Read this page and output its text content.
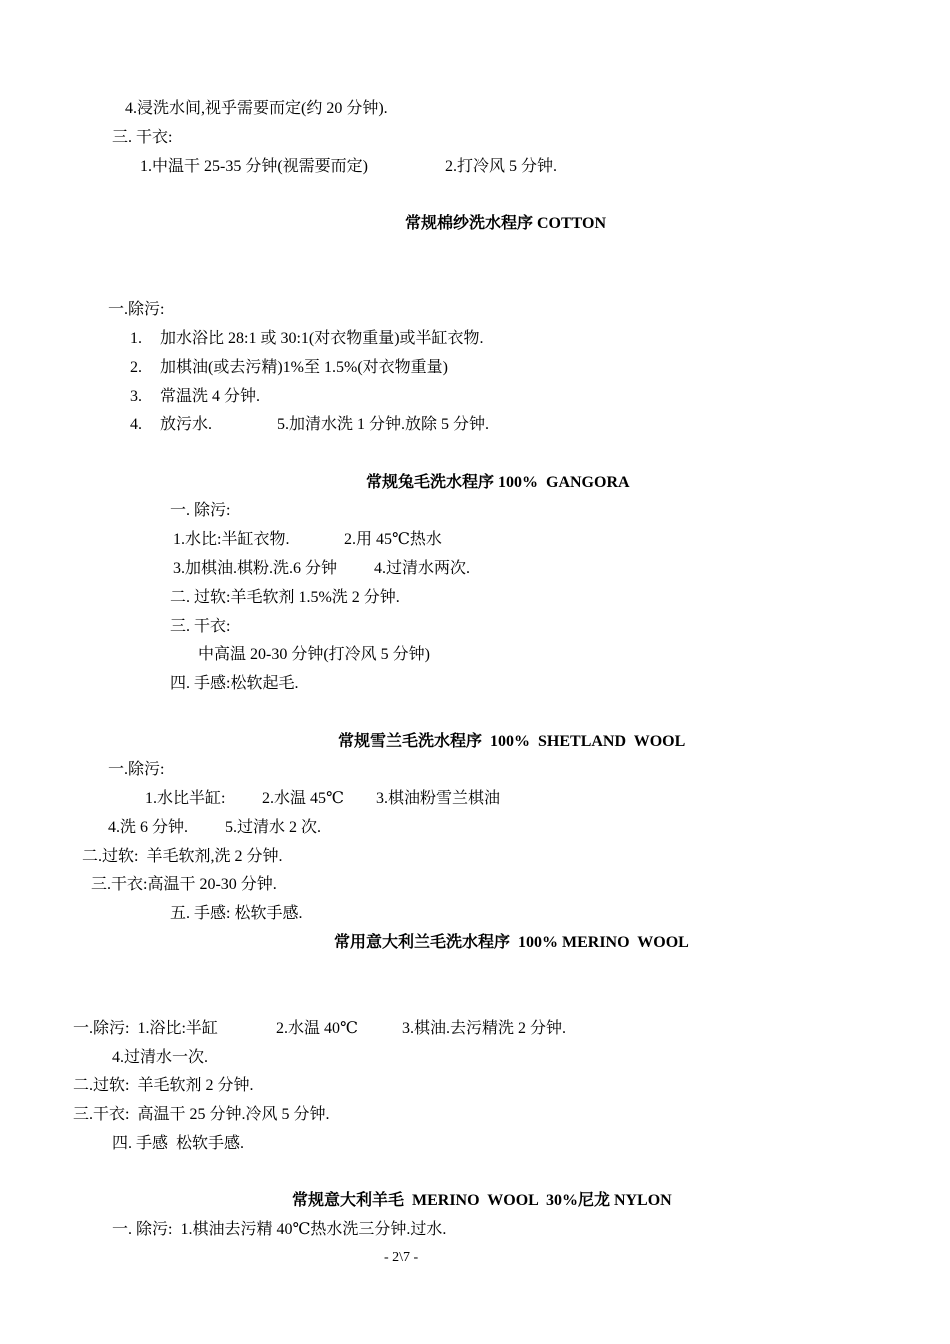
4.浸洗水间,视乎需要而定(约 20 分钟).
三. 干衣:
1.中温干 25-35 分钟(视需要而定)	2.打冷风 5 分钟.
常规棉纱洗水程序 COTTON
一.除污:
1. 加水浴比 28:1 或 30:1(对衣物重量)或半缸衣物.
2. 加棋油(或去污精)1%至 1.5%(对衣物重量)
3. 常温洗 4 分钟.
4. 放污水.	5.加清水洗 1 分钟.放除 5 分钟.
常规兔毛洗水程序 100%  GANGORA
一. 除污:
1.水比:半缸衣物.	2.用 45℃热水
3.加棋油.棋粉.洗.6 分钟 4.过清水两次.
二. 过软:羊毛软剂 1.5%洗 2 分钟.
三. 干衣:
中高温 20-30 分钟(打冷风 5 分钟)
四. 手感:松软起毛.
常规雪兰毛洗水程序  100%  SHETLAND  WOOL
一.除污:
1.水比半缸: 2.水温 45℃ 3.棋油粉雪兰棋油
4.洗 6 分钟. 5.过清水 2 次.
二.过软:  羊毛软剂,洗 2 分钟.
三.干衣:高温干 20-30 分钟.
五. 手感: 松软手感.
常用意大利兰毛洗水程序  100% MERINO  WOOL
一.除污:  1.浴比:半缸	2.水温 40℃	3.棋油.去污精洗 2 分钟.
4.过清水一次.
二.过软:  羊毛软剂 2 分钟.
三.干衣:  高温干 25 分钟.冷风 5 分钟.
四. 手感  松软手感.
常规意大利羊毛  MERINO  WOOL  30%尼龙 NYLON
一. 除污:  1.棋油去污精 40℃热水洗三分钟.过水.
- 2\7 -
